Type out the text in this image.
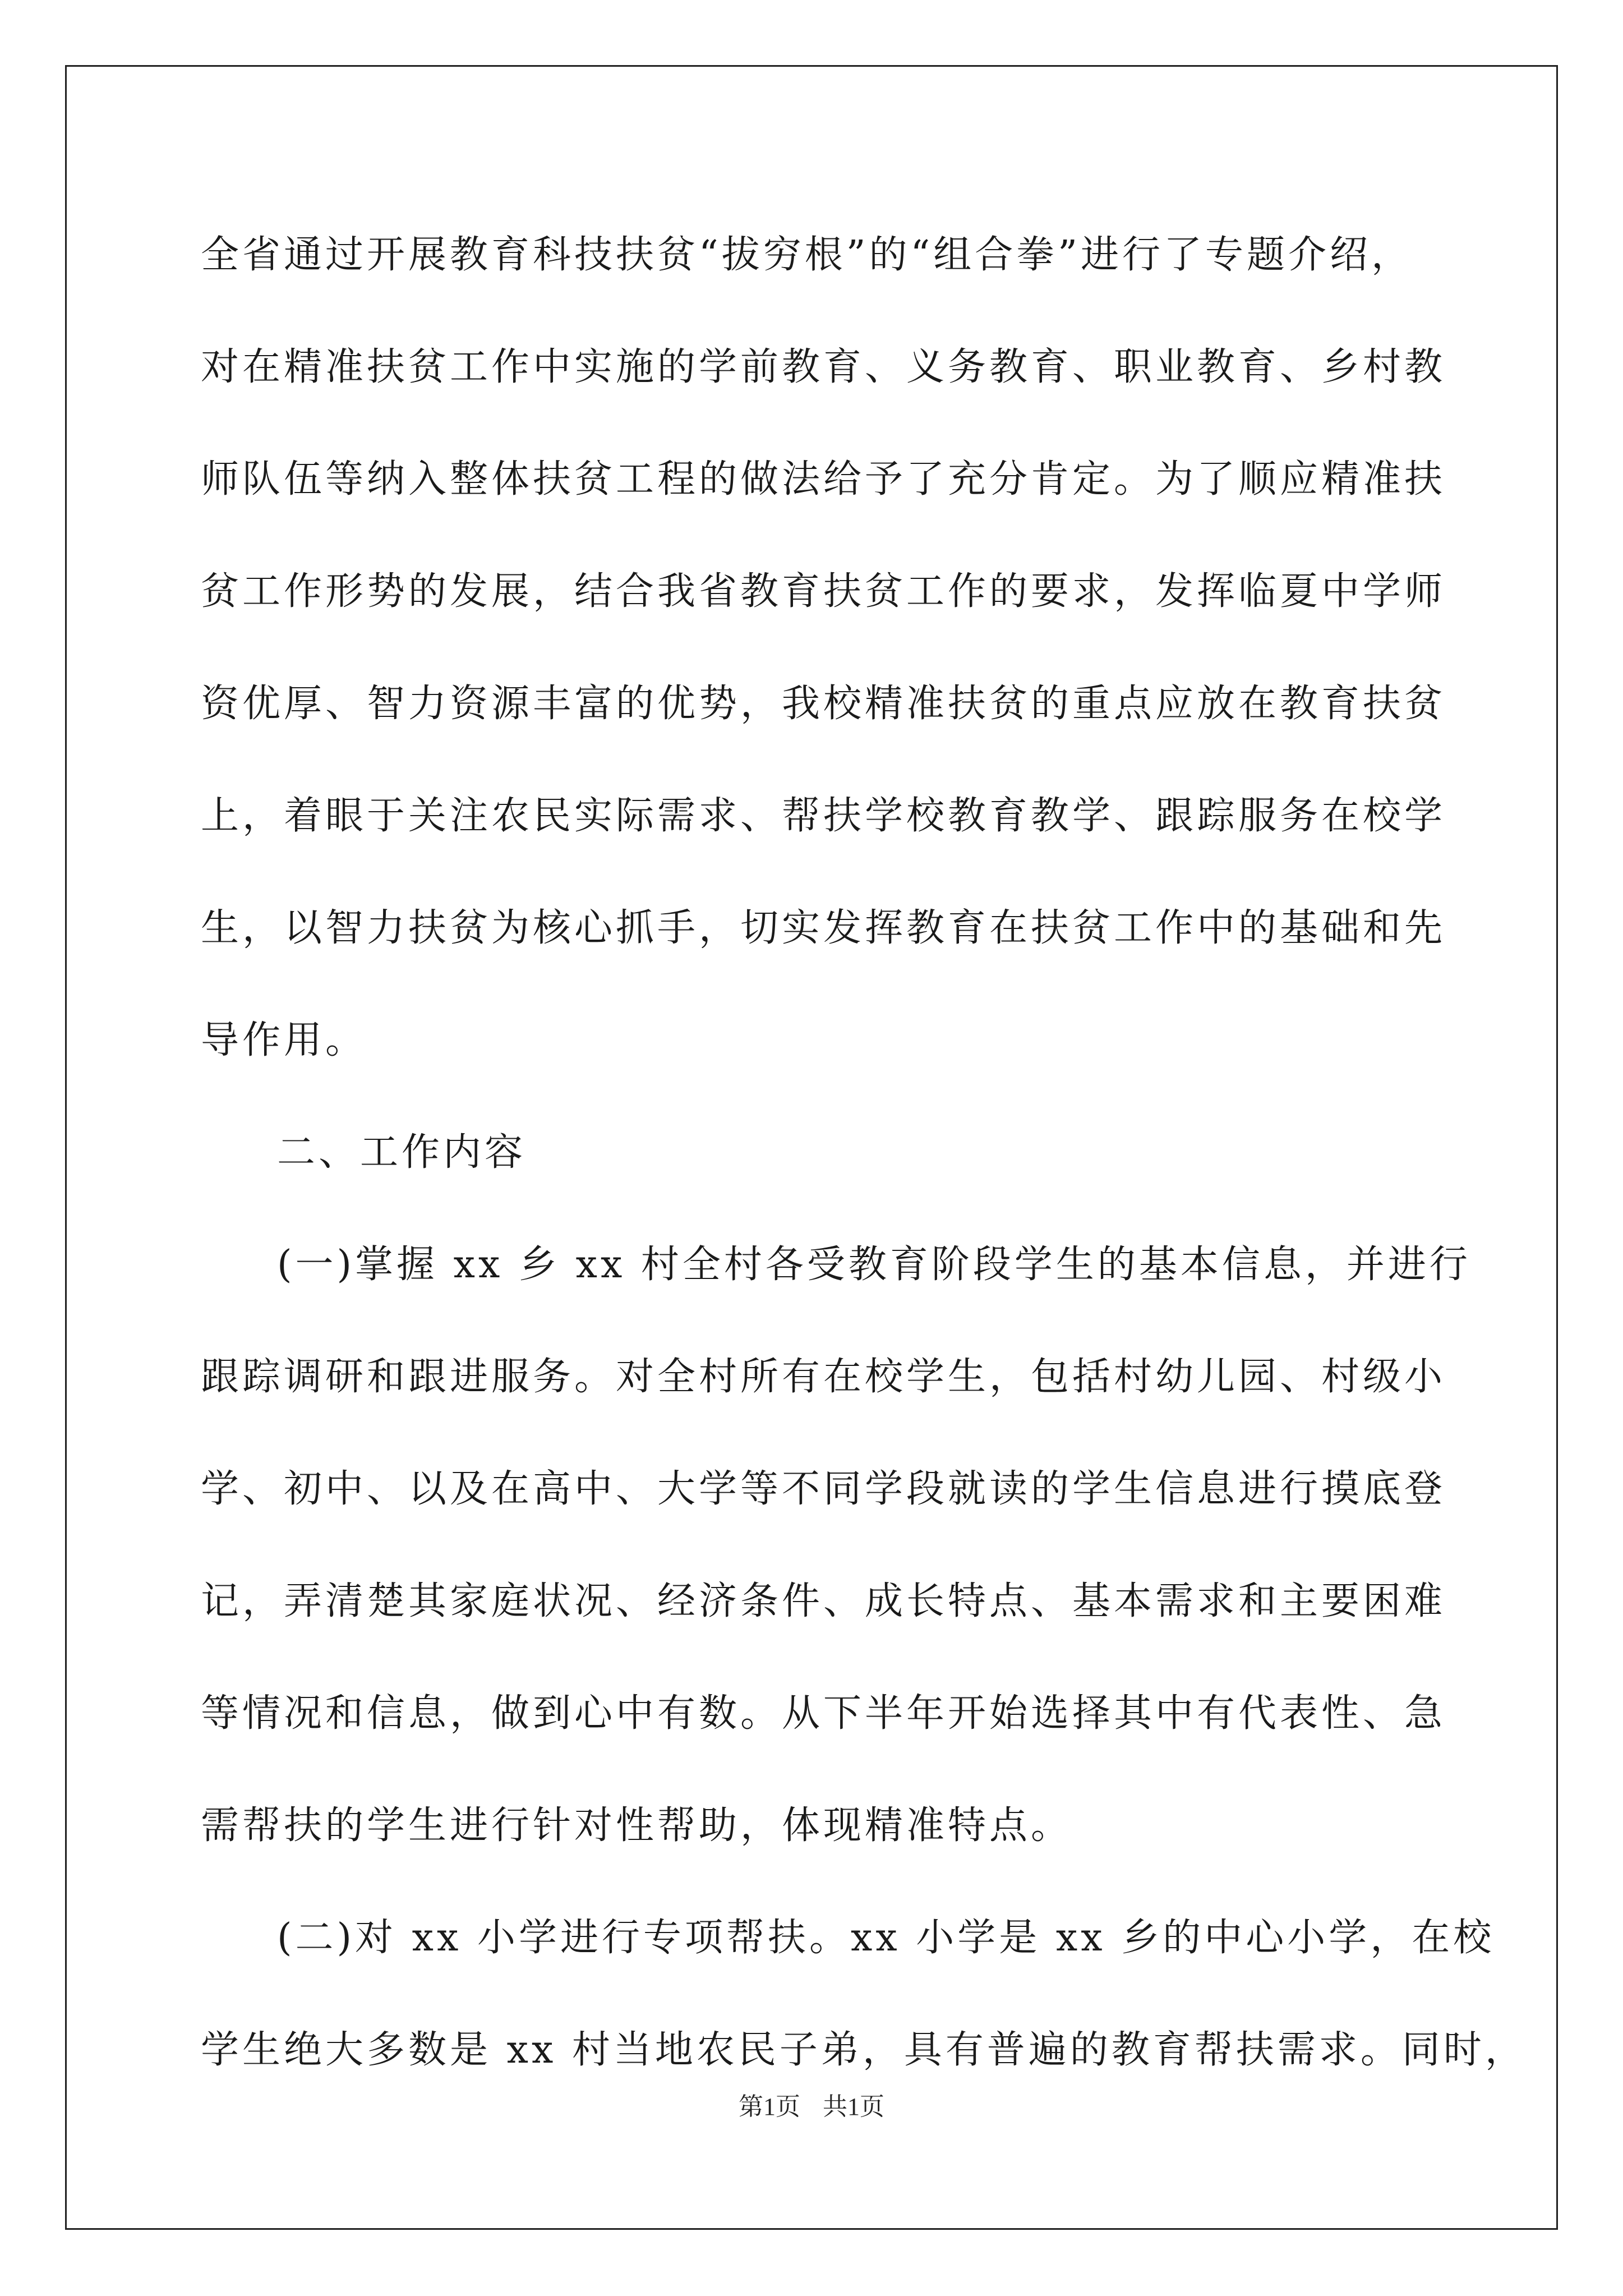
全省通过开展教育科技扶贫“拔穷根”的“组合拳”进行了专题介绍，
对在精准扶贫工作中实施的学前教育、义务教育、职业教育、乡村教
师队伍等纳入整体扶贫工程的做法给予了充分肯定。为了顺应精准扶
贫工作形势的发展，结合我省教育扶贫工作的要求，发挥临夏中学师
资优厚、智力资源丰富的优势，我校精准扶贫的重点应放在教育扶贫
上，着眼于关注农民实际需求、帮扶学校教育教学、跟踪服务在校学
生，以智力扶贫为核心抓手，切实发挥教育在扶贫工作中的基础和先
导作用。
二、工作内容
(一)掌握 xx 乡 xx 村全村各受教育阶段学生的基本信息，并进行
跟踪调研和跟进服务。对全村所有在校学生，包括村幼儿园、村级小
学、初中、以及在高中、大学等不同学段就读的学生信息进行摸底登
记，弄清楚其家庭状况、经济条件、成长特点、基本需求和主要困难
等情况和信息，做到心中有数。从下半年开始选择其中有代表性、急
需帮扶的学生进行针对性帮助，体现精准特点。
(二)对 xx 小学进行专项帮扶。xx 小学是 xx 乡的中心小学，在校
学生绝大多数是 xx 村当地农民子弟，具有普遍的教育帮扶需求。同时，
第1页 共1页
